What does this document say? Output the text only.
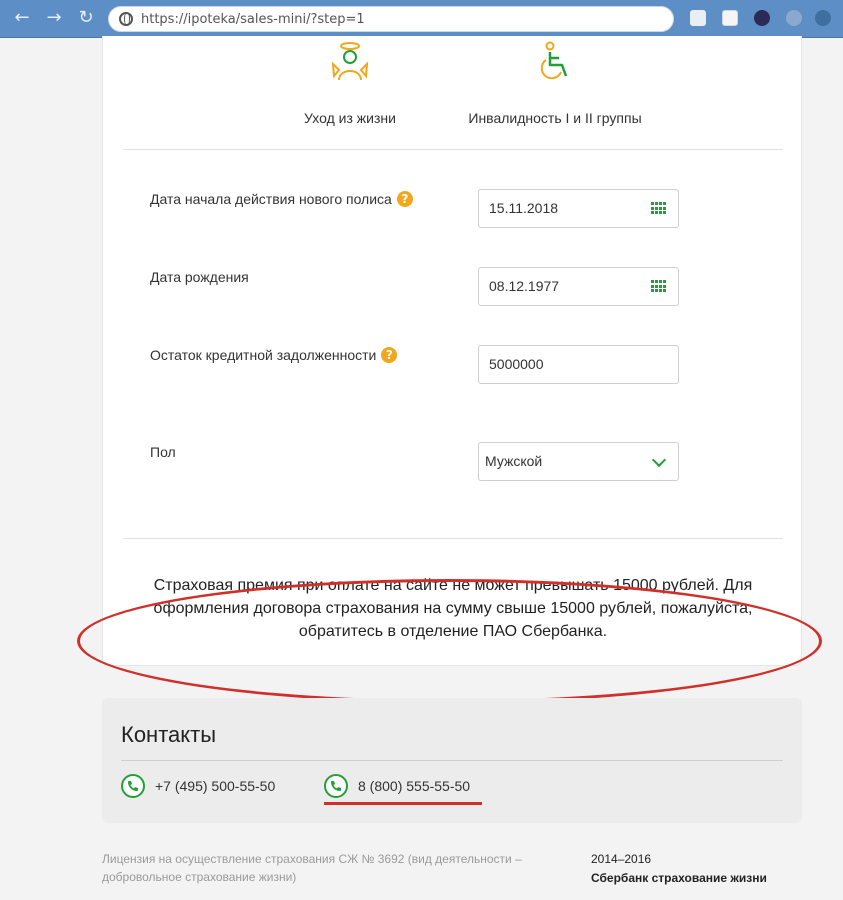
← → ↻	https://ipoteka/sales-mini/?step=1
Уход из жизни	Инвалидность I и II группы
Дата начала действия нового полиса ?
15.11.2018
Дата рождения
08.12.1977
Остаток кредитной задолженности ?
5000000
Пол
Мужской
Страховая премия при оплате на сайте не может превышать 15000 рублей. Для оформления договора страхования на сумму свыше 15000 рублей, пожалуйста, обратитесь в отделение ПАО Сбербанка.
Контакты
+7 (495) 500-55-50	8 (800) 555-55-50
Лицензия на осуществление страхования СЖ № 3692 (вид деятельности – добровольное страхование жизни)
2014–2016
Сбербанк страхование жизни
